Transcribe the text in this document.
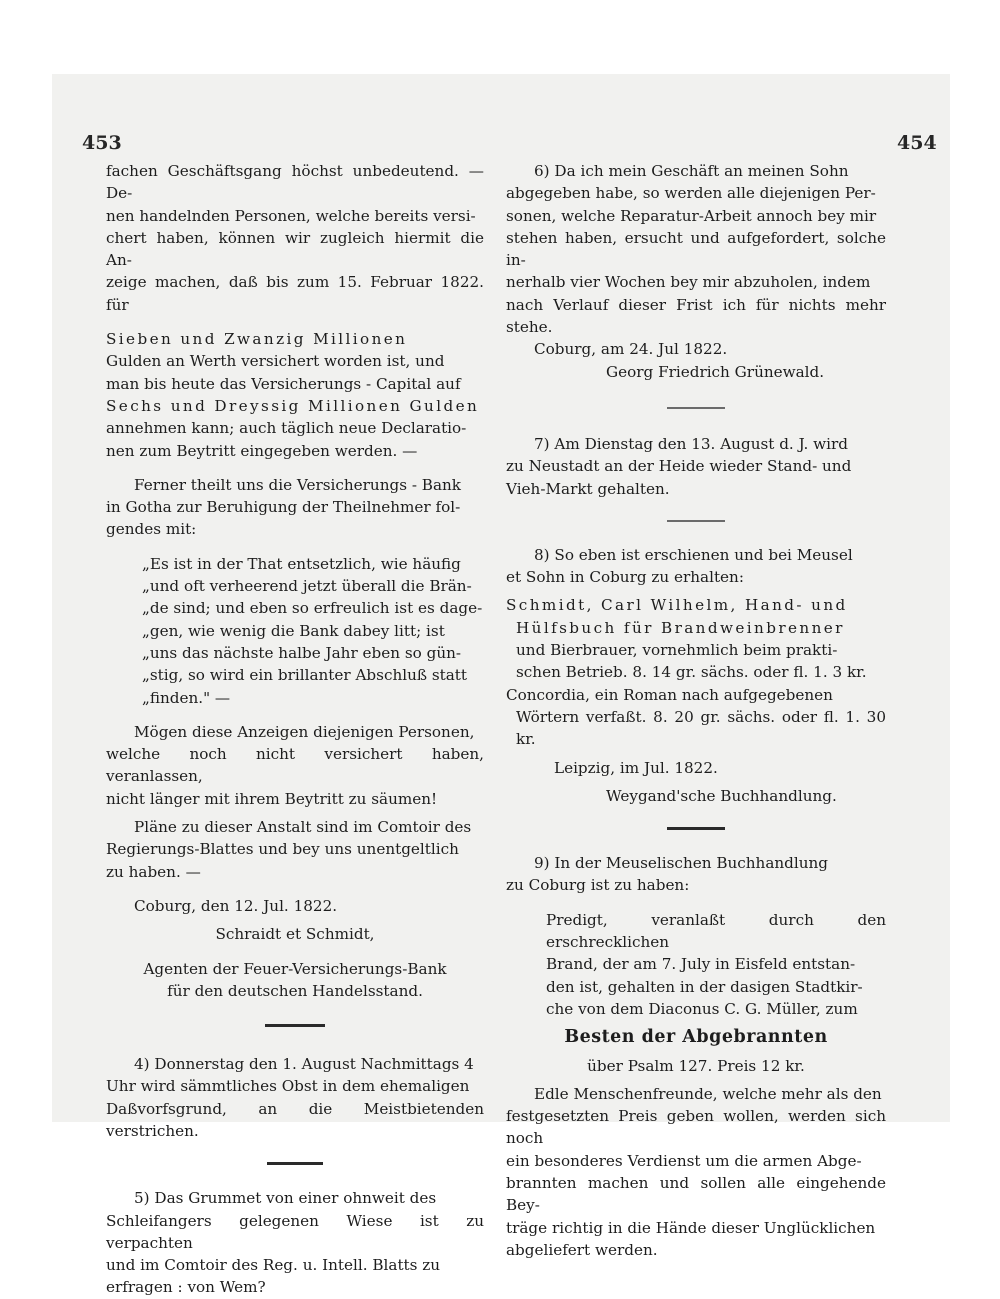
453	454

fachen Geschäftsgang höchst unbedeutend. — De-

nen handelnden Personen, welche bereits versi-

chert haben, können wir zugleich hiermit die An-

zeige machen, daß bis zum 15. Februar 1822. für

Sieben und Zwanzig Millionen

Gulden an Werth versichert worden ist, und

man bis heute das Versicherungs - Capital auf

Sechs und Dreyssig Millionen Gulden

annehmen kann; auch täglich neue Declaratio-

nen zum Beytritt eingegeben werden. —

Ferner theilt uns die Versicherungs - Bank

in Gotha zur Beruhigung der Theilnehmer fol-

gendes mit:

„Es ist in der That entsetzlich, wie häufig

„und oft verheerend jetzt überall die Brän-

„de sind; und eben so erfreulich ist es dage-

„gen, wie wenig die Bank dabey litt; ist

„uns das nächste halbe Jahr eben so gün-

„stig, so wird ein brillanter Abschluß statt

„finden." —

Mögen diese Anzeigen diejenigen Personen,

welche noch nicht versichert haben, veranlassen,

nicht länger mit ihrem Beytritt zu säumen!

Pläne zu dieser Anstalt sind im Comtoir des

Regierungs-Blattes und bey uns unentgeltlich

zu haben. —

Coburg, den 12. Jul. 1822.

Schraidt et Schmidt,

Agenten der Feuer-Versicherungs-Bank

für den deutschen Handelsstand.

4) Donnerstag den 1. August Nachmittags 4

Uhr wird sämmtliches Obst in dem ehemaligen

Daßvorfsgrund, an die Meistbietenden verstrichen.

5) Das Grummet von einer ohnweit des

Schleifangers gelegenen Wiese ist zu verpachten

und im Comtoir des Reg. u. Intell. Blatts zu

erfragen : von Wem?

6) Da ich mein Geschäft an meinen Sohn

abgegeben habe, so werden alle diejenigen Per-

sonen, welche Reparatur-Arbeit annoch bey mir

stehen haben, ersucht und aufgefordert, solche in-

nerhalb vier Wochen bey mir abzuholen, indem

nach Verlauf dieser Frist ich für nichts mehr stehe.

Coburg, am 24. Jul 1822.

Georg Friedrich Grünewald.

7) Am Dienstag den 13. August d. J. wird

zu Neustadt an der Heide wieder Stand- und

Vieh-Markt gehalten.

8) So eben ist erschienen und bei Meusel

et Sohn in Coburg zu erhalten:

Schmidt, Carl Wilhelm, Hand- und

Hülfsbuch für Brandweinbrenner

und Bierbrauer, vornehmlich beim prakti-

schen Betrieb. 8. 14 gr. sächs. oder fl. 1. 3 kr.

Concordia, ein Roman nach aufgegebenen

Wörtern verfaßt. 8. 20 gr. sächs. oder fl. 1. 30 kr.

Leipzig, im Jul. 1822.

Weygand'sche Buchhandlung.

9) In der Meuselischen Buchhandlung

zu Coburg ist zu haben:

Predigt, veranlaßt durch den erschrecklichen

Brand, der am 7. July in Eisfeld entstan-

den ist, gehalten in der dasigen Stadtkir-

che von dem Diaconus C. G. Müller, zum

Besten der Abgebrannten

über Psalm 127. Preis 12 kr.

Edle Menschenfreunde, welche mehr als den

festgesetzten Preis geben wollen, werden sich noch

ein besonderes Verdienst um die armen Abge-

brannten machen und sollen alle eingehende Bey-

träge richtig in die Hände dieser Unglücklichen

abgeliefert werden.
